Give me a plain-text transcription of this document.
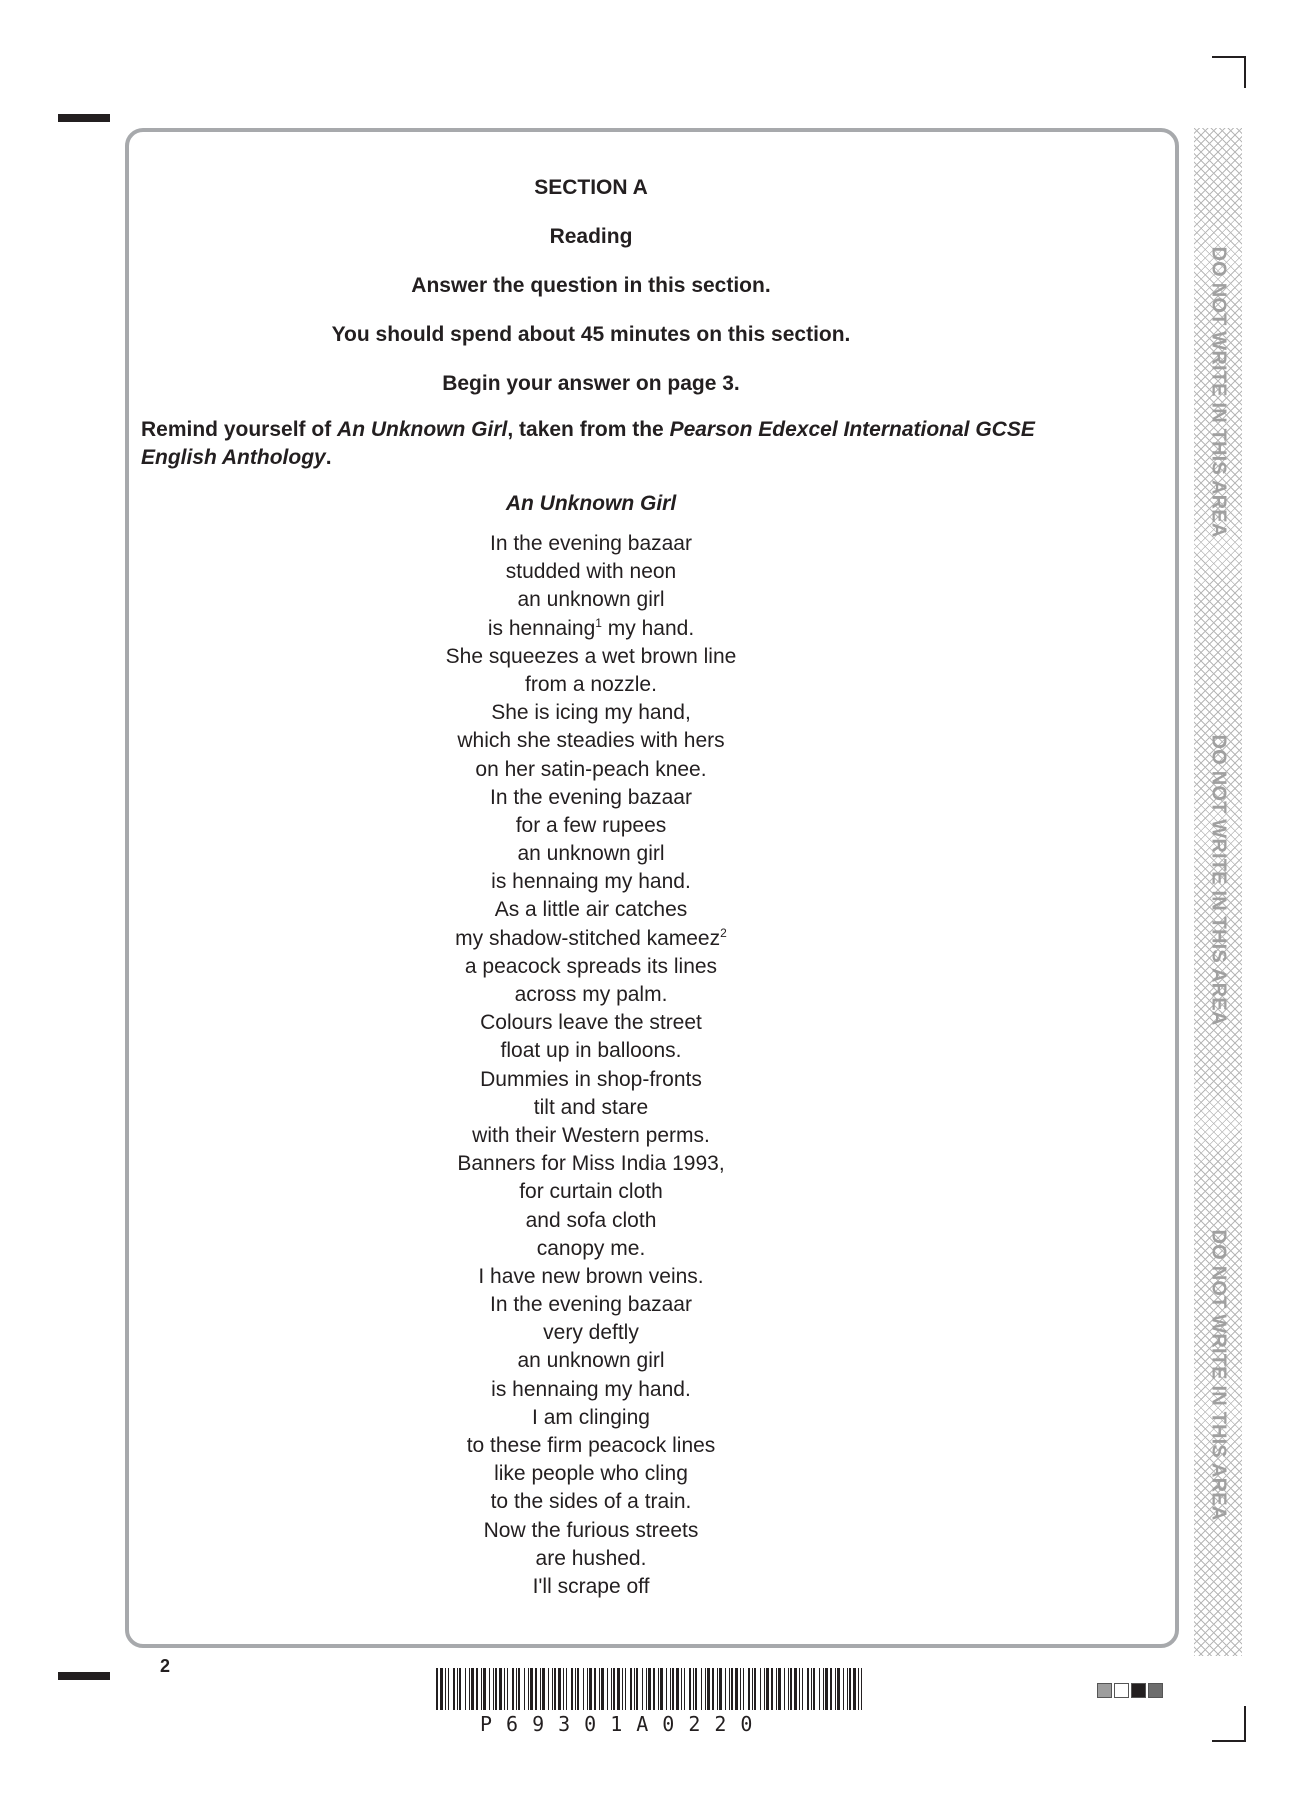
DO NOT WRITE IN THIS AREA
DO NOT WRITE IN THIS AREA
DO NOT WRITE IN THIS AREA
SECTION A
Reading
Answer the question in this section.
You should spend about 45 minutes on this section.
Begin your answer on page 3.

Remind yourself of An Unknown Girl, taken from the Pearson Edexcel International GCSE English Anthology.

An Unknown Girl
In the evening bazaar
studded with neon
an unknown girl
is hennaing$^1$ my hand.
She squeezes a wet brown line
from a nozzle.
She is icing my hand,
which she steadies with hers
on her satin-peach knee.
In the evening bazaar
for a few rupees
an unknown girl
is hennaing my hand.
As a little air catches
my shadow-stitched kameez$^2$
a peacock spreads its lines
across my palm.
Colours leave the street
float up in balloons.
Dummies in shop-fronts
tilt and stare
with their Western perms.
Banners for Miss India 1993,
for curtain cloth
and sofa cloth
canopy me.
I have new brown veins.
In the evening bazaar
very deftly
an unknown girl
is hennaing my hand.
I am clinging
to these firm peacock lines
like people who cling
to the sides of a train.
Now the furious streets
are hushed.
I'll scrape off
2
P69301A0220
